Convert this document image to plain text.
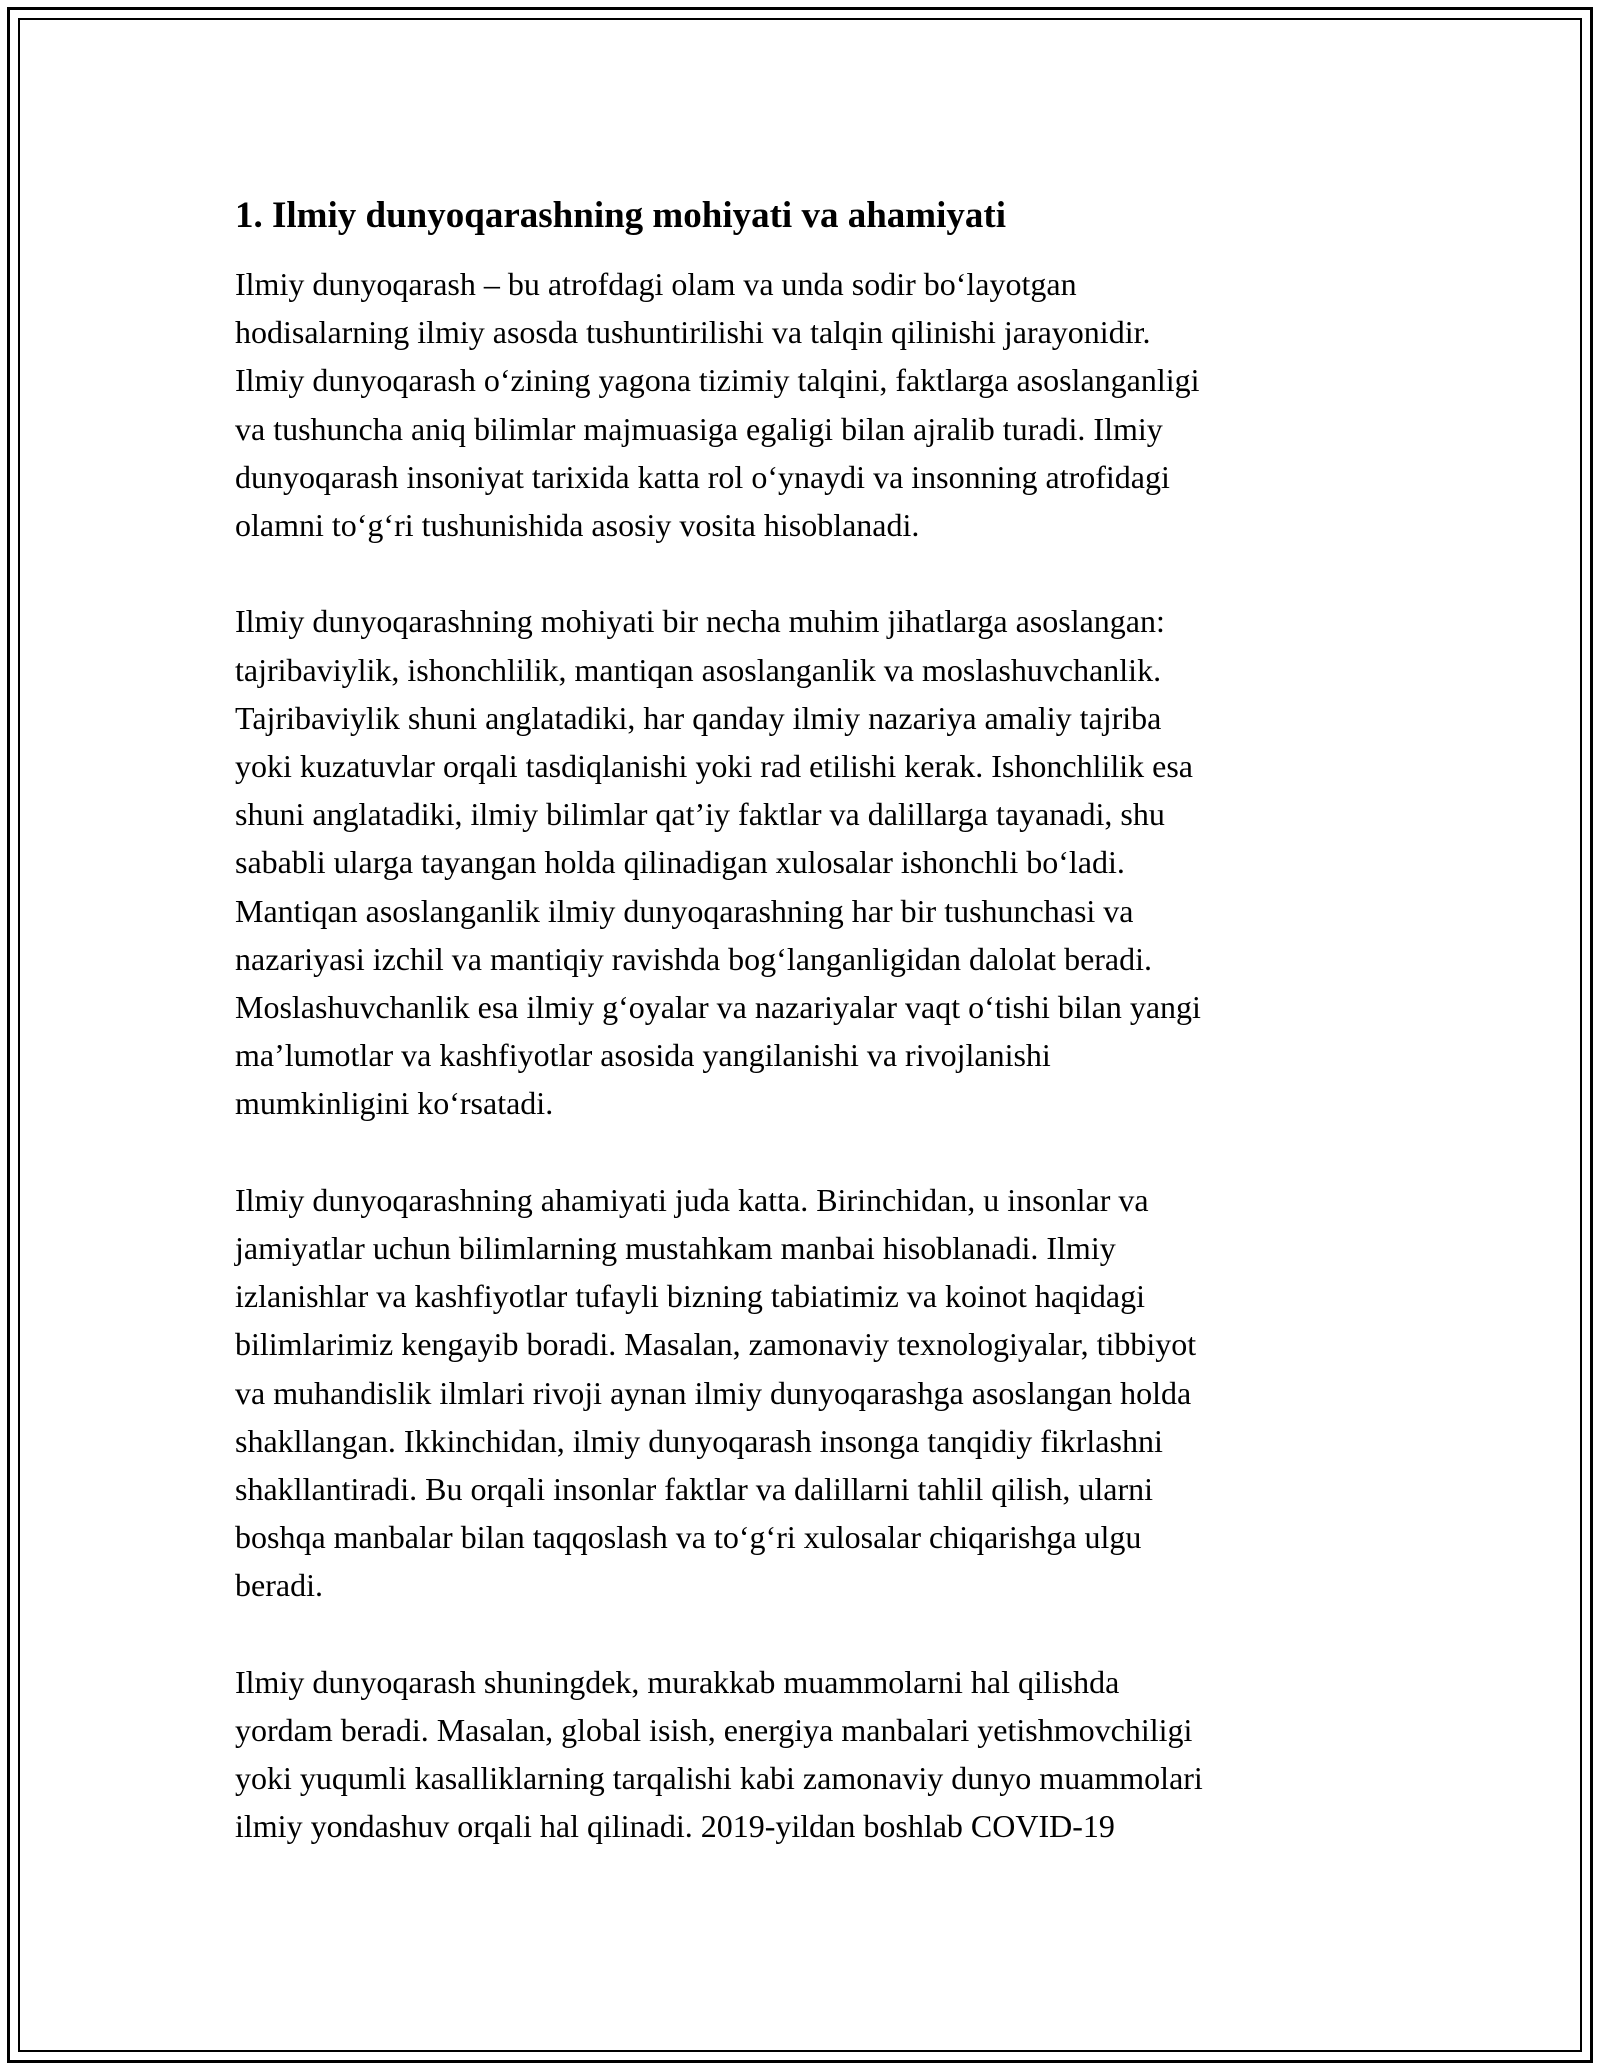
1. Ilmiy dunyoqarashning mohiyati va ahamiyati
Ilmiy dunyoqarash – bu atrofdagi olam va unda sodir bo‘layotgan
hodisalarning ilmiy asosda tushuntirilishi va talqin qilinishi jarayonidir.
Ilmiy dunyoqarash o‘zining yagona tizimiy talqini, faktlarga asoslanganligi
va tushuncha aniq bilimlar majmuasiga egaligi bilan ajralib turadi. Ilmiy
dunyoqarash insoniyat tarixida katta rol o‘ynaydi va insonning atrofidagi
olamni to‘g‘ri tushunishida asosiy vosita hisoblanadi.
Ilmiy dunyoqarashning mohiyati bir necha muhim jihatlarga asoslangan:
tajribaviylik, ishonchlilik, mantiqan asoslanganlik va moslashuvchanlik.
Tajribaviylik shuni anglatadiki, har qanday ilmiy nazariya amaliy tajriba
yoki kuzatuvlar orqali tasdiqlanishi yoki rad etilishi kerak. Ishonchlilik esa
shuni anglatadiki, ilmiy bilimlar qat’iy faktlar va dalillarga tayanadi, shu
sababli ularga tayangan holda qilinadigan xulosalar ishonchli bo‘ladi.
Mantiqan asoslanganlik ilmiy dunyoqarashning har bir tushunchasi va
nazariyasi izchil va mantiqiy ravishda bog‘langanligidan dalolat beradi.
Moslashuvchanlik esa ilmiy g‘oyalar va nazariyalar vaqt o‘tishi bilan yangi
ma’lumotlar va kashfiyotlar asosida yangilanishi va rivojlanishi
mumkinligini ko‘rsatadi.
Ilmiy dunyoqarashning ahamiyati juda katta. Birinchidan, u insonlar va
jamiyatlar uchun bilimlarning mustahkam manbai hisoblanadi. Ilmiy
izlanishlar va kashfiyotlar tufayli bizning tabiatimiz va koinot haqidagi
bilimlarimiz kengayib boradi. Masalan, zamonaviy texnologiyalar, tibbiyot
va muhandislik ilmlari rivoji aynan ilmiy dunyoqarashga asoslangan holda
shakllangan. Ikkinchidan, ilmiy dunyoqarash insonga tanqidiy fikrlashni
shakllantiradi. Bu orqali insonlar faktlar va dalillarni tahlil qilish, ularni
boshqa manbalar bilan taqqoslash va to‘g‘ri xulosalar chiqarishga ulgu
beradi.
Ilmiy dunyoqarash shuningdek, murakkab muammolarni hal qilishda
yordam beradi. Masalan, global isish, energiya manbalari yetishmovchiligi
yoki yuqumli kasalliklarning tarqalishi kabi zamonaviy dunyo muammolari
ilmiy yondashuv orqali hal qilinadi. 2019-yildan boshlab COVID-19
